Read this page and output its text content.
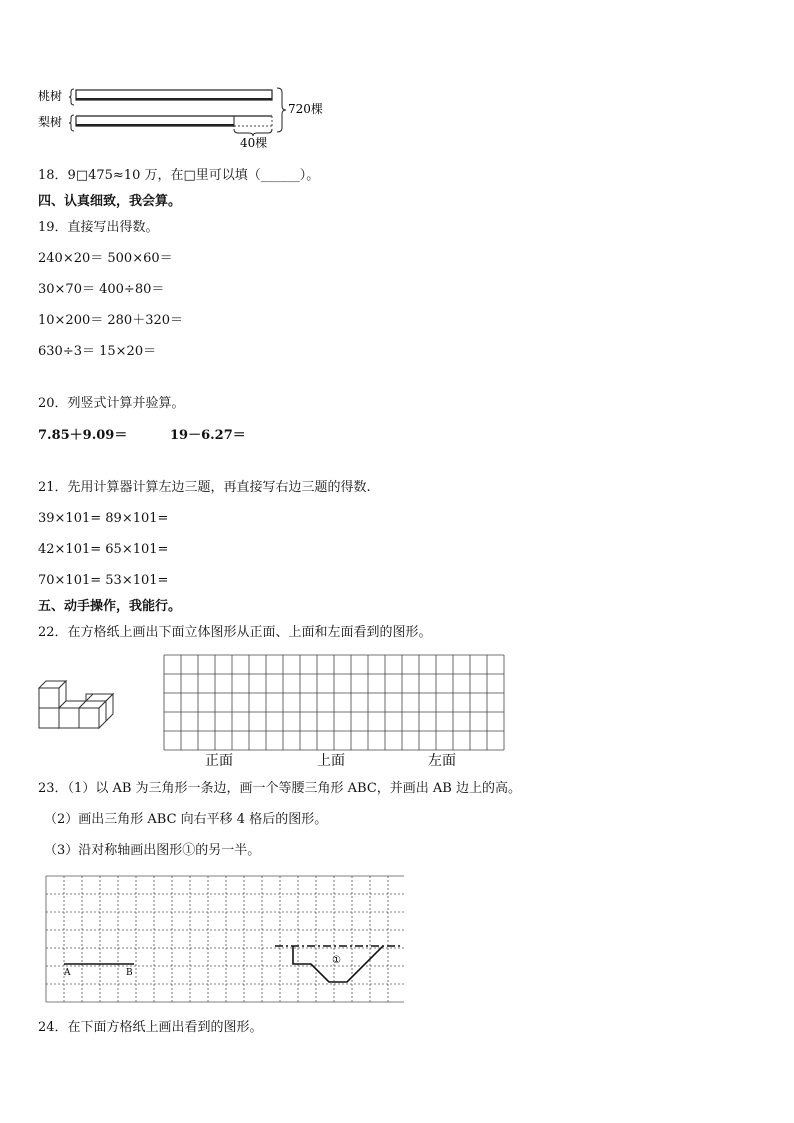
桃树
梨树
40棵
720棵
18．9□475≈10 万，在□里可以填（______）。
四、认真细致，我会算。
19．直接写出得数。
240×20＝ 500×60＝
30×70＝ 400÷80＝
10×200＝ 280＋320＝
630÷3＝ 15×20＝
20．列竖式计算并验算。
7.85＋9.09＝	19－6.27＝
21．先用计算器计算左边三题，再直接写右边三题的得数.
39×101= 89×101=
42×101= 65×101=
70×101= 53×101=
五、动手操作，我能行。
22．在方格纸上画出下面立体图形从正面、上面和左面看到的图形。
正面	上面	左面
23．（1）以 AB 为三角形一条边，画一个等腰三角形 ABC，并画出 AB 边上的高。
（2）画出三角形 ABC 向右平移 4 格后的图形。
（3）沿对称轴画出图形①的另一半。
A	B
①
24．在下面方格纸上画出看到的图形。
